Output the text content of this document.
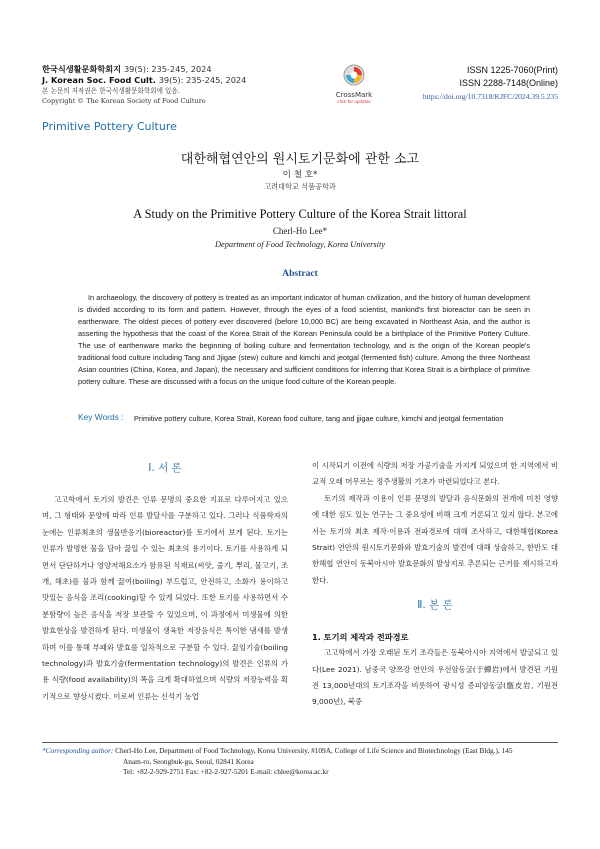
한국식생활문화학회지 39(5): 235-245, 2024
J. Korean Soc. Food Cult. 39(5): 235-245, 2024
본 논문의 저작권은 한국식생활문화학회에 있음.
Copyright © The Korean Society of Food Culture
CrossMark
click for updates
ISSN 1225-7060(Print)
ISSN 2288-7148(Online)
https://doi.org/10.7318/KJFC/2024.39.5.235
Primitive Pottery Culture
대한해협연안의 원시토기문화에 관한 소고
이 철 호*
고려대학교 식품공학과
A Study on the Primitive Pottery Culture of the Korea Strait littoral
Cherl-Ho Lee*
Department of Food Technology, Korea University
Abstract
In archaeology, the discovery of pottery is treated as an important indicator of human civilization, and the history of human development is divided according to its form and pattern. However, through the eyes of a food scientist, mankind's first bioreactor can be seen in earthenware. The oldest pieces of pottery ever discovered (before 10,000 BC) are being excavated in Northeast Asia, and the author is asserting the hypothesis that the coast of the Korea Strait of the Korean Peninsula could be a birthplace of the Primitive Pottery Culture. The use of earthenware marks the beginning of boiling culture and fermentation technology, and is the origin of the Korean people's traditional food culture including Tang and Jjigae (stew) culture and kimchi and jeotgal (fermented fish) culture. Among the three Northeast Asian countries (China, Korea, and Japan), the necessary and sufficient conditions for inferring that Korea Strait is a birthplace of primitive pottery culture. These are discussed with a focus on the unique food culture of the Korean people.
Key Words : Primitive pottery culture, Korea Strait, Korean food culture, tang and jjigae culture, kimchi and jeotgal fermentation
Ⅰ. 서 론
고고학에서 토기의 발견은 인류 문명의 중요한 지표로 다루어지고 있으며, 그 형태와 문양에 따라 인류 발달사를 구분하고 있다. 그러나 식품학자의 눈에는 인류최초의 생물반응기(bioreactor)를 토기에서 보게 된다. 토기는 인류가 발명한 물을 담아 끓일 수 있는 최초의 용기이다. 토기를 사용하게 되면서 단단하거나 영양저해요소가 함유된 식재료(씨앗, 줄기, 뿌리, 물고기, 조개, 해초)를 물과 함께 끓여(boiling) 부드럽고, 안전하고, 소화가 용이하고 맛있는 음식을 조리(cooking)할 수 있게 되었다. 또한 토기를 사용하면서 수분함량이 높은 음식을 저장 보관할 수 있었으며, 이 과정에서 미생물에 의한 발효현상을 발견하게 된다. 미생물이 생육한 저장음식은 특이한 냄새를 발생하며 이를 통해 부패와 발효를 일차적으로 구분할 수 있다. 끓임기술(boiling technology)과 발효기술(fermentation technology)의 발견은 인류의 가용 식량(food availability)의 폭을 크게 확대하였으며 식량의 저장능력을 획기적으로 향상시켰다. 이로써 인류는 신석기 농업
이 시작되기 이전에 식량의 저장 가공기술을 가지게 되었으며 한 지역에서 비교적 오래 머무르는 정주생활의 기초가 마련되었다고 본다.
토기의 제작과 이용이 인류 문명의 발달과 음식문화의 전개에 미친 영향에 대한 심도 있는 연구는 그 중요성에 비해 크게 거론되고 있지 않다. 본고에서는 토기의 최초 제작·이용과 전파경로에 대해 조사하고, 대한해협(Korea Strait) 연안의 원시토기문화와 발효기술의 발견에 대해 상술하고, 한반도 대한해협 연안이 동북아시아 발효문화의 발상지로 추론되는 근거를 제시하고자 한다.
Ⅱ. 본 론
1. 토기의 제작과 전파경로
고고학에서 가장 오래된 토기 조각들은 동북아시아 지역에서 발굴되고 있다(Lee 2021). 남중국 양쯔강 연안의 우선암동굴(于蟬岩)에서 발견된 기원전 13,000년대의 토기조각을 비롯하여 광시성 증피암동굴(甑皮岩, 기원전 9,000년), 북중
*Corresponding author: Cherl-Ho Lee, Department of Food Technology, Korea University, #109A, College of Life Science and Biotechnology (East Bldg.), 145
Anam-ro, Seongbuk-gu, Seoul, 02841 Korea
Tel: +82-2-929-2751 Fax: +82-2-927-5201 E-mail: chlee@korea.ac.kr
